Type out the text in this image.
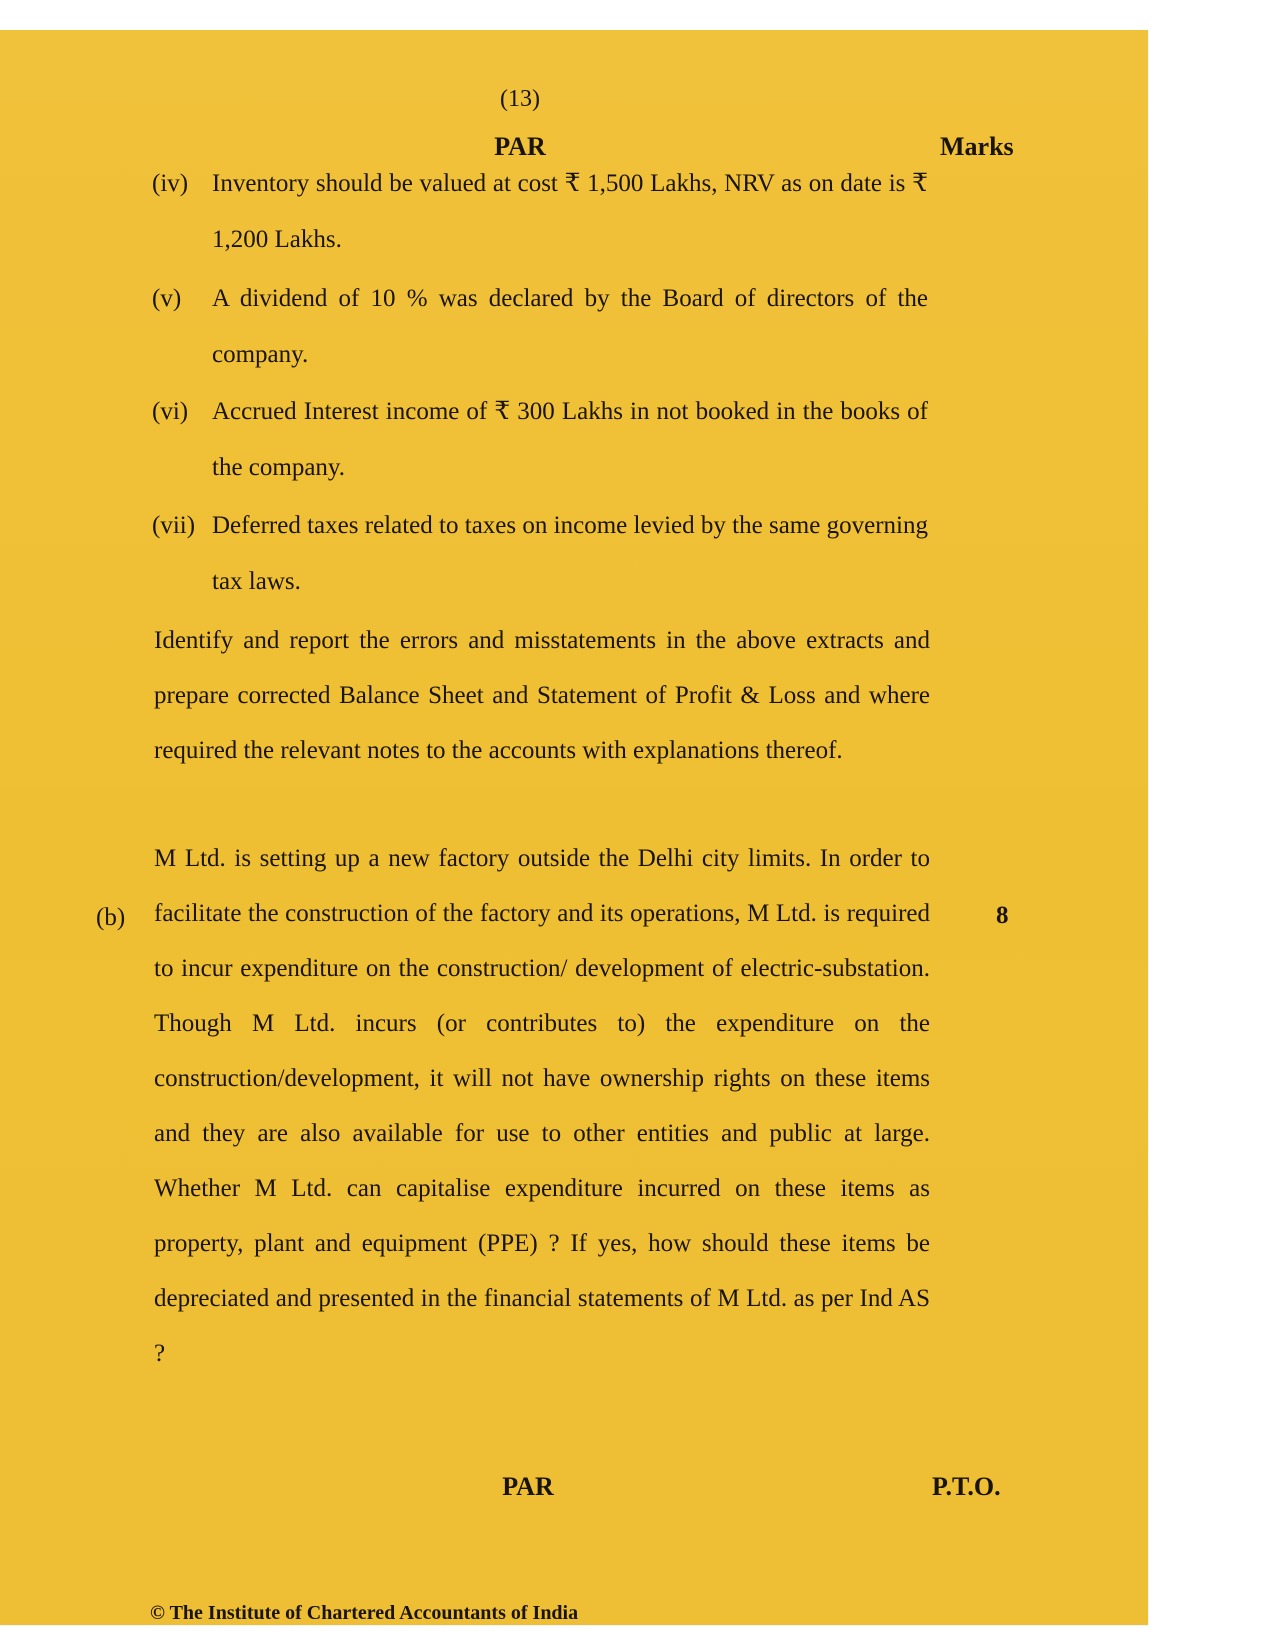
(13)
PAR	Marks
(iv) Inventory should be valued at cost ₹ 1,500 Lakhs, NRV as on date is ₹ 1,200 Lakhs.
(v) A dividend of 10 % was declared by the Board of directors of the company.
(vi) Accrued Interest income of ₹ 300 Lakhs in not booked in the books of the company.
(vii) Deferred taxes related to taxes on income levied by the same governing tax laws.
Identify and report the errors and misstatements in the above extracts and prepare corrected Balance Sheet and Statement of Profit & Loss and where required the relevant notes to the accounts with explanations thereof.
(b)	8
M Ltd. is setting up a new factory outside the Delhi city limits. In order to facilitate the construction of the factory and its operations, M Ltd. is required to incur expenditure on the construction/ development of electric-substation. Though M Ltd. incurs (or contributes to) the expenditure on the construction/development, it will not have ownership rights on these items and they are also available for use to other entities and public at large. Whether M Ltd. can capitalise expenditure incurred on these items as property, plant and equipment (PPE) ? If yes, how should these items be depreciated and presented in the financial statements of M Ltd. as per Ind AS ?
PAR	P.T.O.
© The Institute of Chartered Accountants of India
